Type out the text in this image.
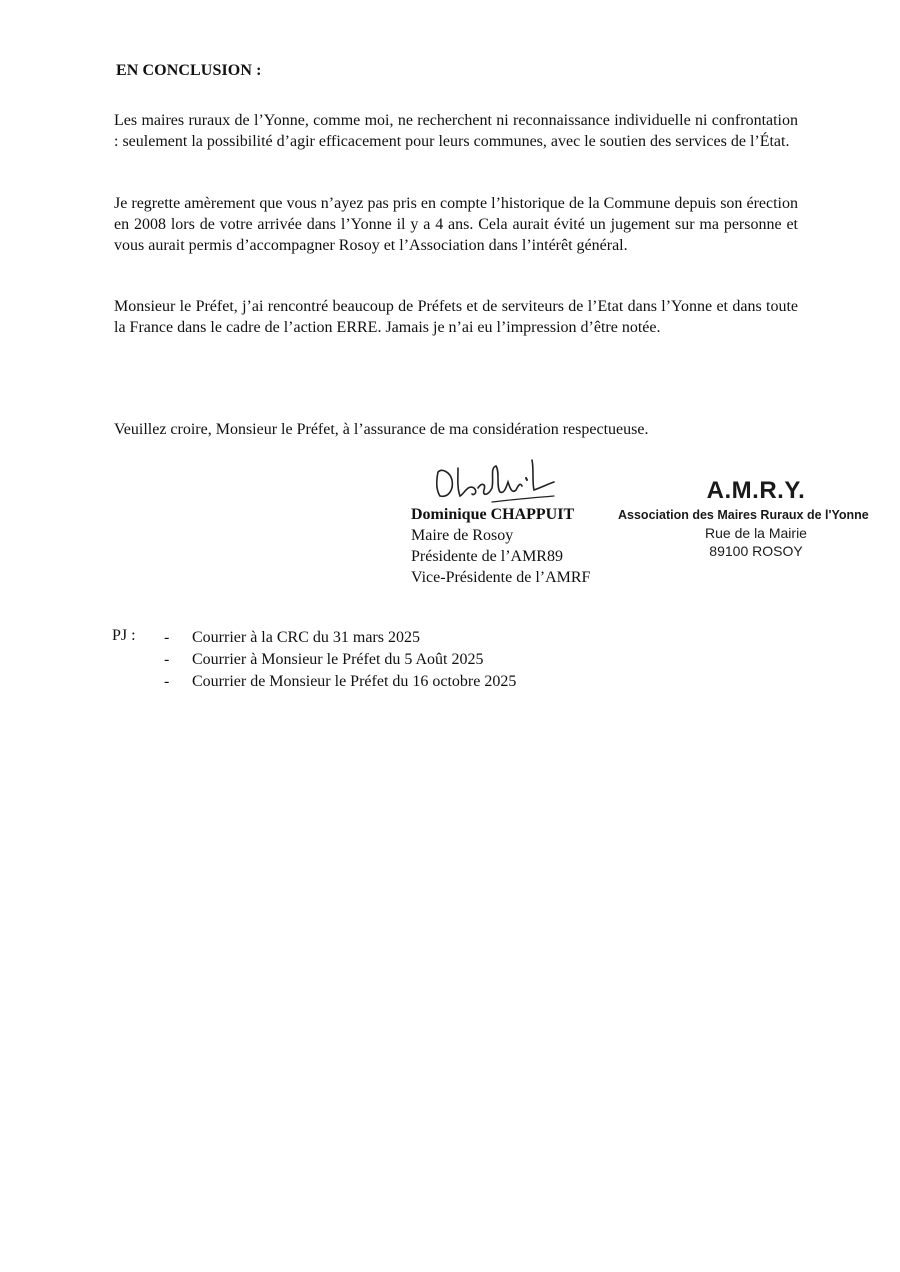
EN CONCLUSION :

Les maires ruraux de l’Yonne, comme moi, ne recherchent ni reconnaissance individuelle ni confrontation : seulement la possibilité d’agir efficacement pour leurs communes, avec le soutien des services de l’État.

Je regrette amèrement que vous n’ayez pas pris en compte l’historique de la Commune depuis son érection en 2008 lors de votre arrivée dans l’Yonne il y a 4 ans. Cela aurait évité un jugement sur ma personne et vous aurait permis d’accompagner Rosoy et l’Association dans l’intérêt général.

Monsieur le Préfet, j’ai rencontré beaucoup de Préfets et de serviteurs de l’Etat dans l’Yonne et dans toute la France dans le cadre de l’action ERRE. Jamais je n’ai eu l’impression d’être notée.

Veuillez croire, Monsieur le Préfet, à l’assurance de ma considération respectueuse.

Dominique CHAPPUIT
Maire de Rosoy
Présidente de l’AMR89
Vice-Présidente de l’AMRF
A.M.R.Y.
Association des Maires Ruraux de l'Yonne
Rue de la Mairie
89100 ROSOY
PJ : - Courrier à la CRC du 31 mars 2025
- Courrier à Monsieur le Préfet du 5 Août 2025
- Courrier de Monsieur le Préfet du 16 octobre 2025
